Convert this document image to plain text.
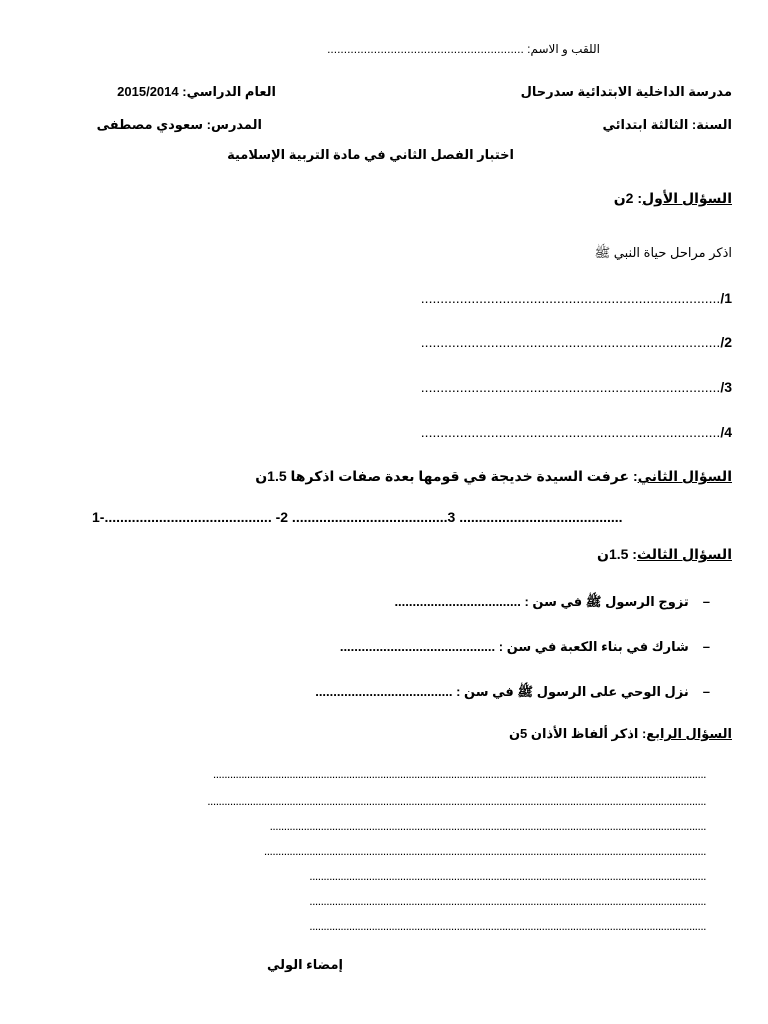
اللقب و الاسم: ...........................................................
مدرسة الداخلية الابتدائية سدرحال
العام الدراسي: 2015/2014
السنة: الثالثة ابتدائي
المدرس: سعودي مصطفى
اختبار الفصل الثاني في مادة التربية الإسلامية
السؤال الأول: 2ن
اذكر مراحل حياة النبي ﷺ
1/.............................................................................
2/.............................................................................
3/.............................................................................
4/.............................................................................
السؤال الثاني: عرفت السيدة خديجة في قومها بعدة صفات اذكرها 1.5ن
1-........................................... -2 ........................................3 ..........................................
السؤال الثالث: 1.5ن
–تزوج الرسول ﷺ في سن : ...................................
–شارك في بناء الكعبة في سن : ...........................................
–نزل الوحي على الرسول ﷺ في سن : ......................................
السؤال الرابع: اذكر ألفاظ الأذان 5ن
..............................................................................................................................................................................
................................................................................................................................................................................
..........................................................................................................................................................
............................................................................................................................................................
............................................................................................................................................
............................................................................................................................................
............................................................................................................................................
إمضاء الولي
